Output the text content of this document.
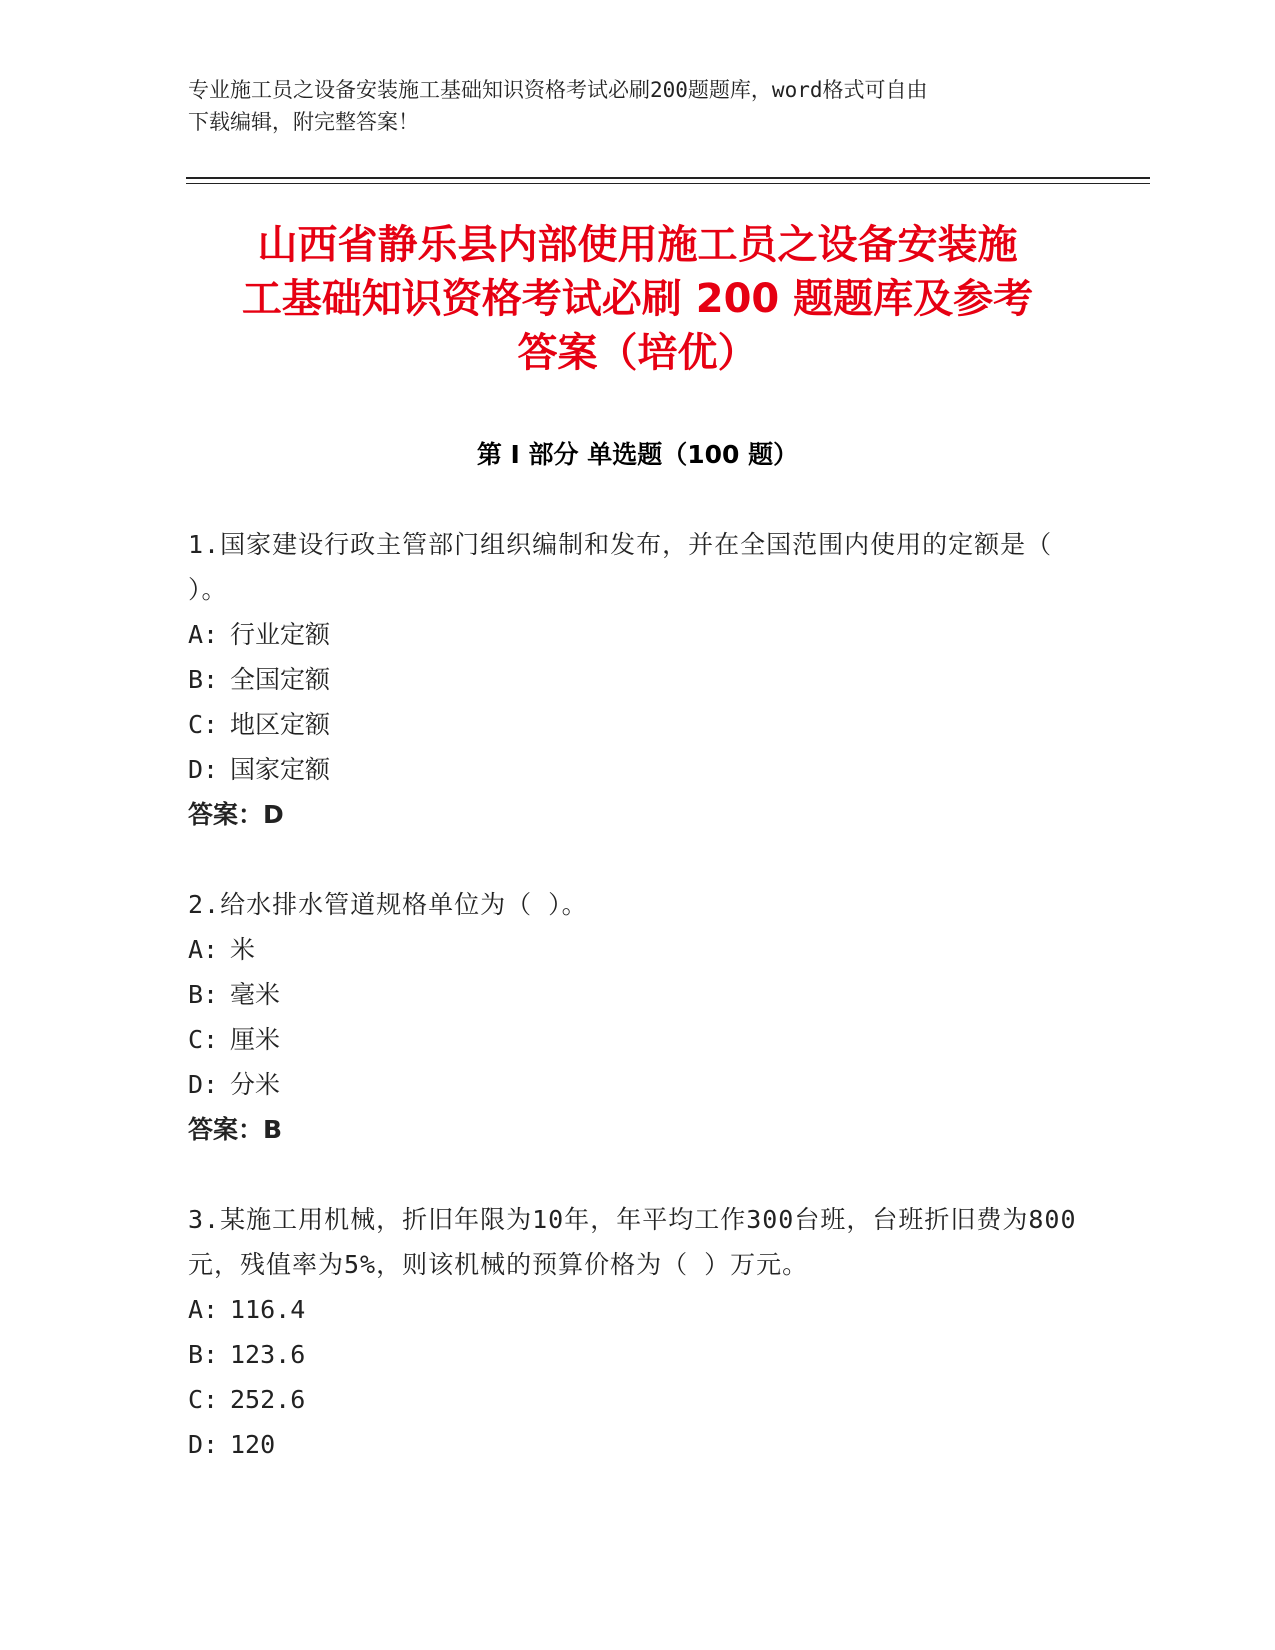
专业施工员之设备安装施工基础知识资格考试必刷200题题库，word格式可自由

下载编辑，附完整答案！

山西省静乐县内部使用施工员之设备安装施
工基础知识资格考试必刷 200 题题库及参考
答案（培优）
第 I 部分 单选题（100 题）

1.国家建设行政主管部门组织编制和发布，并在全国范围内使用的定额是（ ）。

A: 行业定额

B: 全国定额

C: 地区定额

D: 国家定额

答案：D

2.给水排水管道规格单位为（ ）。

A: 米

B: 毫米

C: 厘米

D: 分米

答案：B

3.某施工用机械，折旧年限为10年，年平均工作300台班，台班折旧费为800元，残值率为5%，则该机械的预算价格为（ ）万元。

A: 116.4

B: 123.6

C: 252.6

D: 120
